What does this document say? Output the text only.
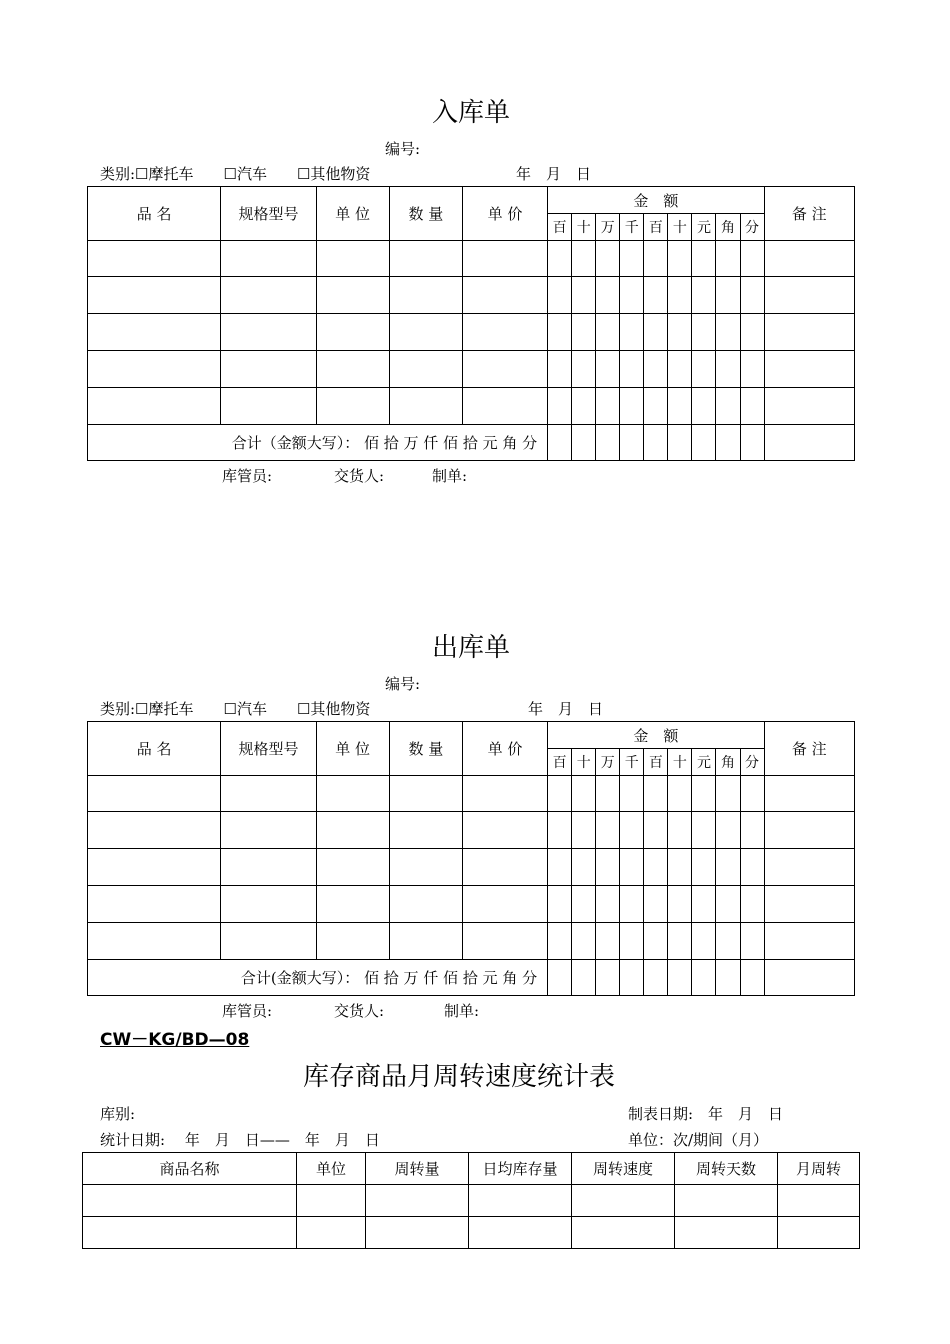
入库单
编号:
类别:☐摩托车　　☐汽车　　☐其他物资	年　月　日
品 名	规格型号	单 位	数 量	单 价	金　额									备 注
					百	十	万	千	百	十	元	角	分	

合计（金额大写）： 佰 拾 万 仟 佰 拾 元 角 分														
库管员:	交货人:	制单:
出库单
编号:
类别:☐摩托车　　☐汽车　　☐其他物资	年　月　日
品 名	规格型号	单 位	数 量	单 价	金　额									备 注
					百	十	万	千	百	十	元	角	分	

合计(金额大写）： 佰 拾 万 仟 佰 拾 元 角 分														
库管员:	交货人:	制单:
CW－KG/BD—08
库存商品月周转速度统计表
库别:	制表日期:　年　月　日
统计日期:　 年　月　日——　年　月　日	单位：次/期间（月）
商品名称	单位	周转量	日均库存量	周转速度	周转天数	月周转
